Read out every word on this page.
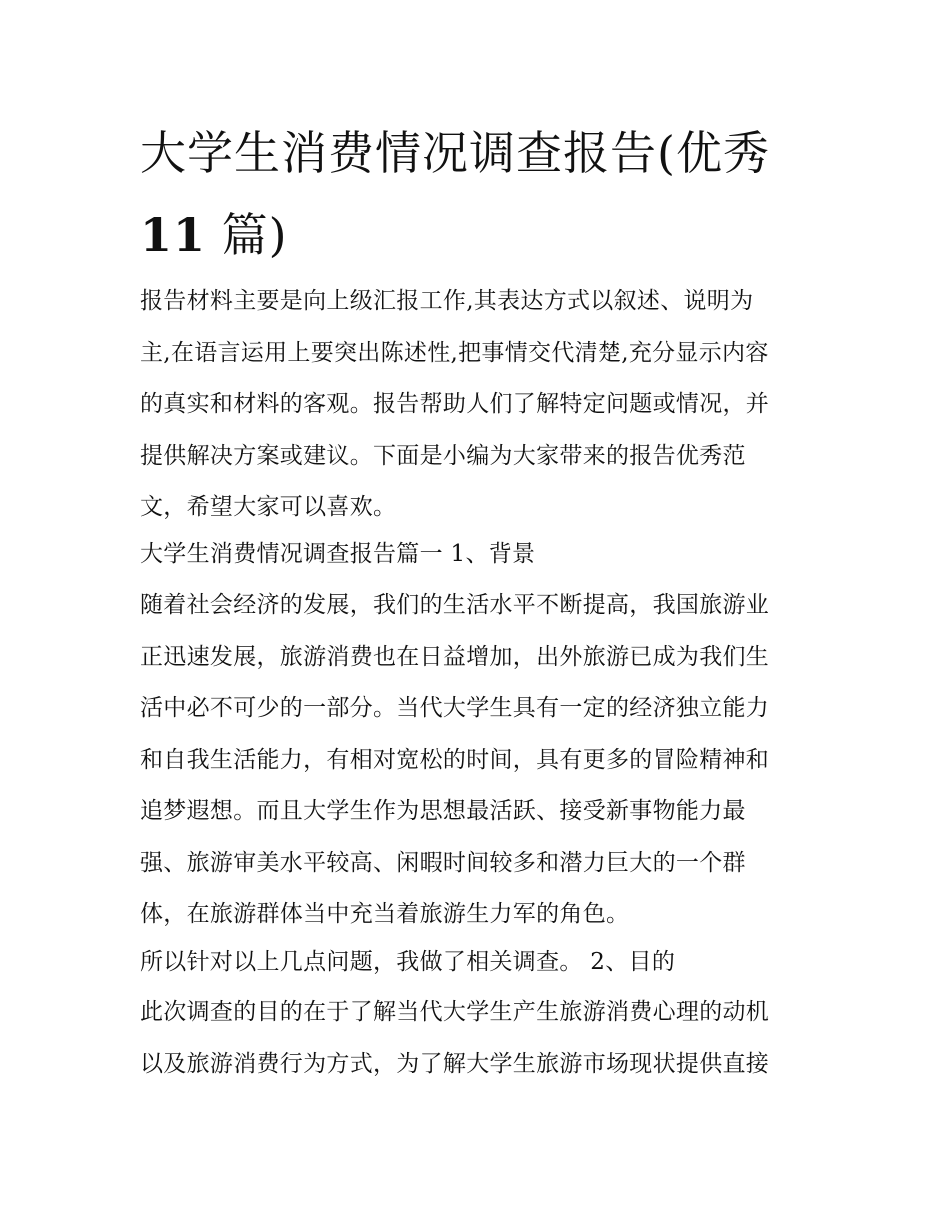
大学生消费情况调查报告(优秀
11 篇)
报告材料主要是向上级汇报工作,其表达方式以叙述、说明为
主,在语言运用上要突出陈述性,把事情交代清楚,充分显示内容
的真实和材料的客观。报告帮助人们了解特定问题或情况，并
提供解决方案或建议。下面是小编为大家带来的报告优秀范
文，希望大家可以喜欢。
大学生消费情况调查报告篇一 1、背景
随着社会经济的发展，我们的生活水平不断提高，我国旅游业
正迅速发展，旅游消费也在日益增加，出外旅游已成为我们生
活中必不可少的一部分。当代大学生具有一定的经济独立能力
和自我生活能力，有相对宽松的时间，具有更多的冒险精神和
追梦遐想。而且大学生作为思想最活跃、接受新事物能力最
强、旅游审美水平较高、闲暇时间较多和潜力巨大的一个群
体，在旅游群体当中充当着旅游生力军的角色。
所以针对以上几点问题，我做了相关调查。 2、目的
此次调查的目的在于了解当代大学生产生旅游消费心理的动机
以及旅游消费行为方式，为了解大学生旅游市场现状提供直接
